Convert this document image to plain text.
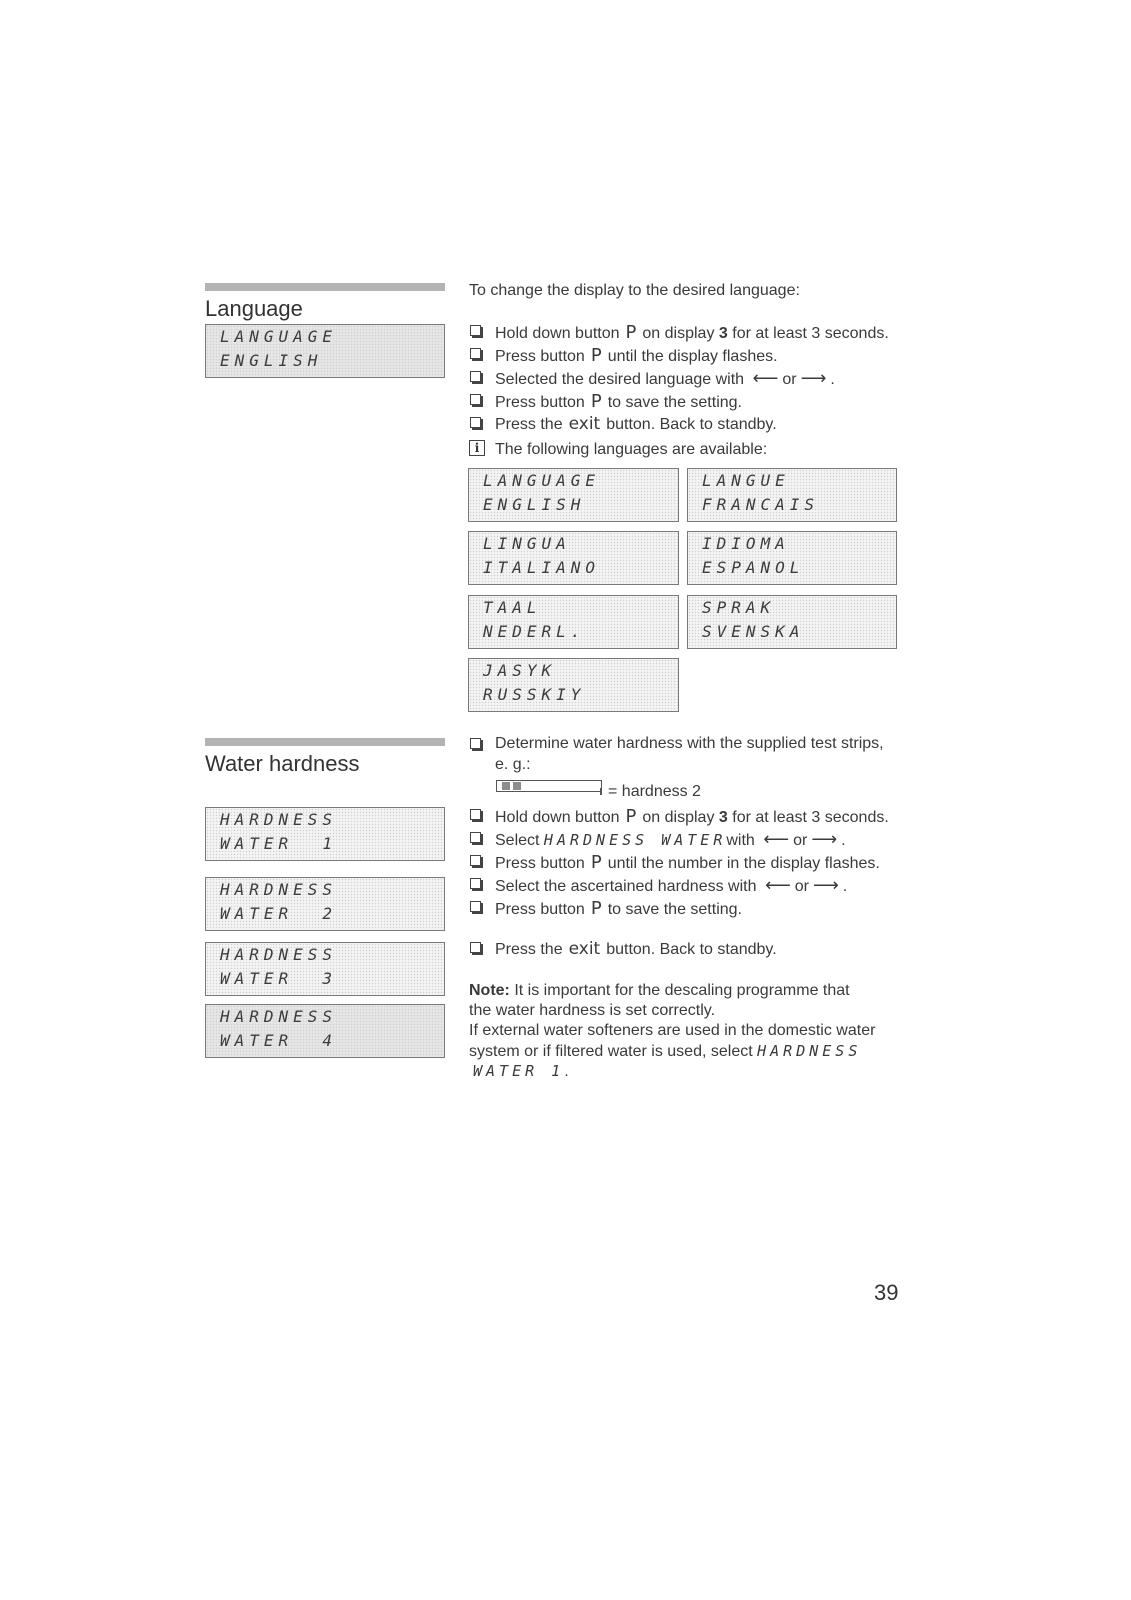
Language
LANGUAGE
ENGLISH
To change the display to the desired language:
Hold down button P on display 3 for at least 3 seconds.
Press button P until the display flashes.
Selected the desired language with ⟵ or ⟶ .
Press button P to save the setting.
Press the exit button. Back to standby.
i The following languages are available:
LANGUAGE
ENGLISH
LANGUE
FRANCAIS
LINGUA
ITALIANO
IDIOMA
ESPANOL
TAAL
NEDERL.
SPRAK
SVENSKA
JASYK
RUSSKIY
Water hardness
HARDNESS
WATER  1
HARDNESS
WATER  2
HARDNESS
WATER  3
HARDNESS
WATER  4
Determine water hardness with the supplied test strips,
e. g.:
= hardness 2
Hold down button P on display 3 for at least 3 seconds.
Select HARDNESS WATERwith ⟵ or ⟶ .
Press button P until the number in the display flashes.
Select the ascertained hardness with ⟵ or ⟶ .
Press button P to save the setting.
Press the exit button. Back to standby.
Note: It is important for the descaling programme that
the water hardness is set correctly.
If external water softeners are used in the domestic water
system or if filtered water is used, select HARDNESS
WATER 1.
39
